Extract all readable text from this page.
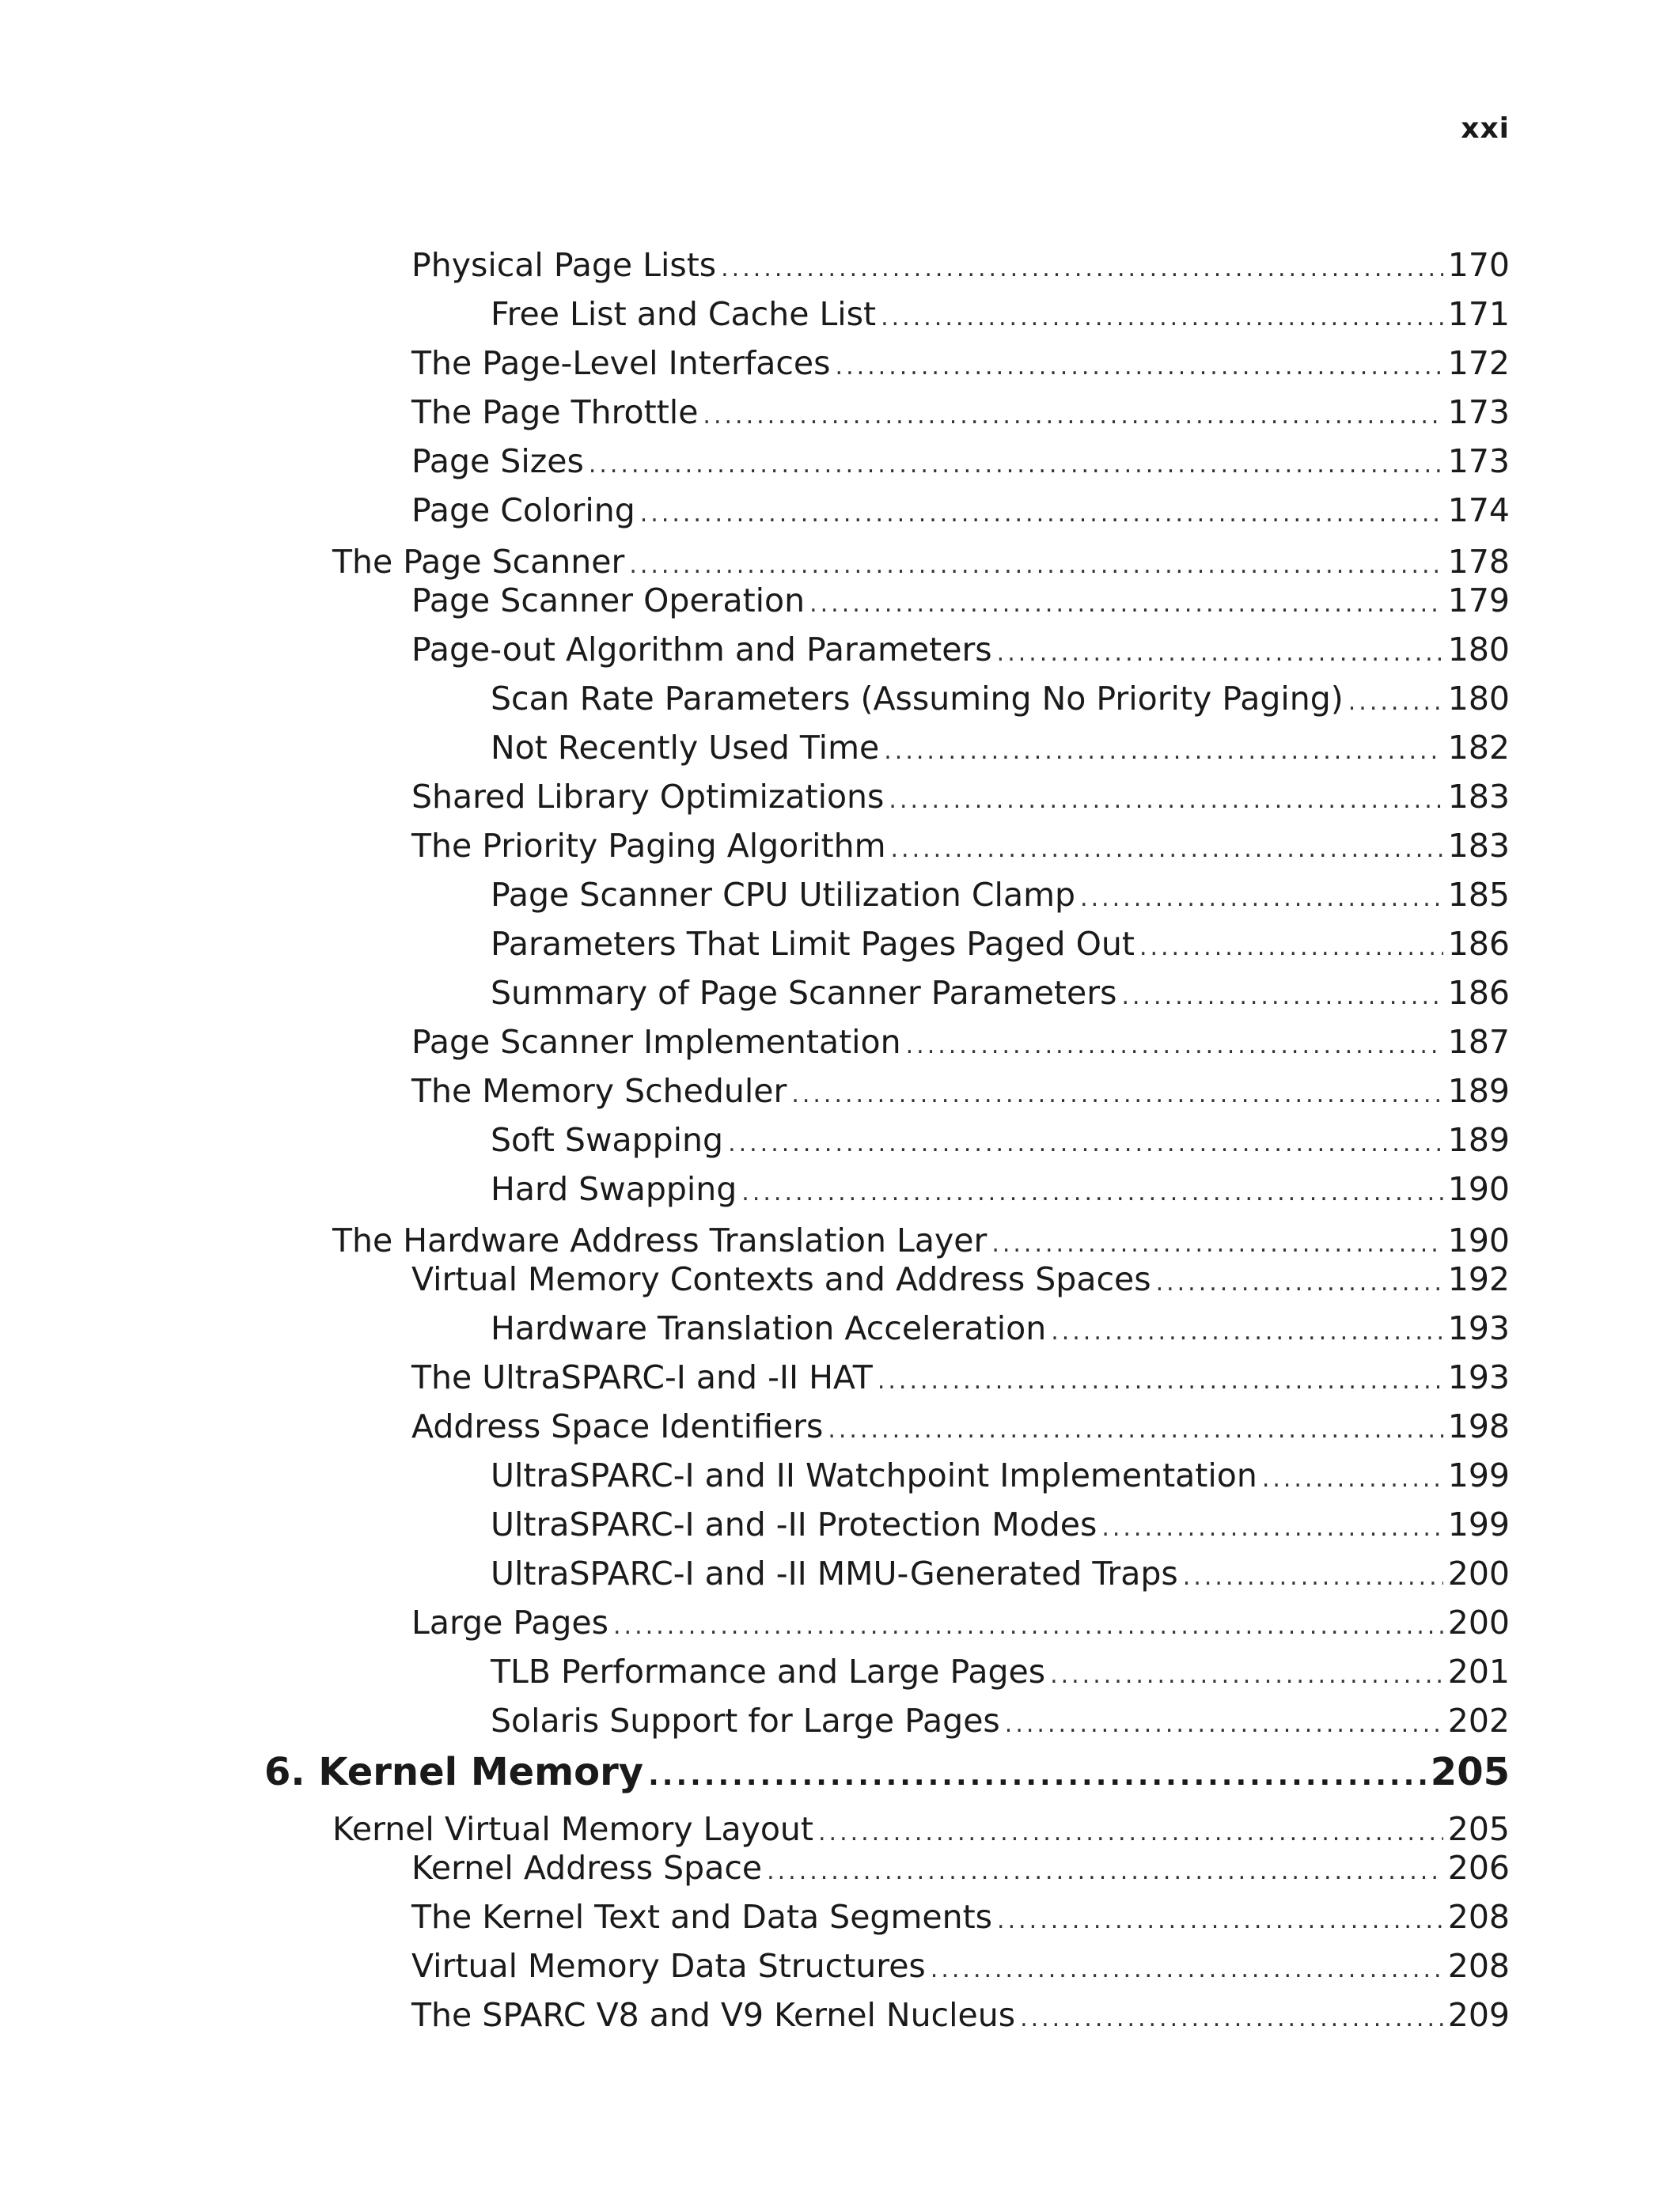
xxi
Physical Page Lists .....	170
Free List and Cache List .....	171
The Page-Level Interfaces .....	172
The Page Throttle .....	173
Page Sizes .....	173
Page Coloring .....	174
The Page Scanner .....	178
Page Scanner Operation .....	179
Page-out Algorithm and Parameters .....	180
Scan Rate Parameters (Assuming No Priority Paging) .....	180
Not Recently Used Time .....	182
Shared Library Optimizations .....	183
The Priority Paging Algorithm .....	183
Page Scanner CPU Utilization Clamp .....	185
Parameters That Limit Pages Paged Out .....	186
Summary of Page Scanner Parameters .....	186
Page Scanner Implementation .....	187
The Memory Scheduler .....	189
Soft Swapping .....	189
Hard Swapping .....	190
The Hardware Address Translation Layer .....	190
Virtual Memory Contexts and Address Spaces .....	192
Hardware Translation Acceleration .....	193
The UltraSPARC-I and -II HAT .....	193
Address Space Identifiers .....	198
UltraSPARC-I and II Watchpoint Implementation .....	199
UltraSPARC-I and -II Protection Modes .....	199
UltraSPARC-I and -II MMU-Generated Traps .....	200
Large Pages .....	200
TLB Performance and Large Pages .....	201
Solaris Support for Large Pages .....	202
6. Kernel Memory .....	205
Kernel Virtual Memory Layout .....	205
Kernel Address Space .....	206
The Kernel Text and Data Segments .....	208
Virtual Memory Data Structures .....	208
The SPARC V8 and V9 Kernel Nucleus .....	209
